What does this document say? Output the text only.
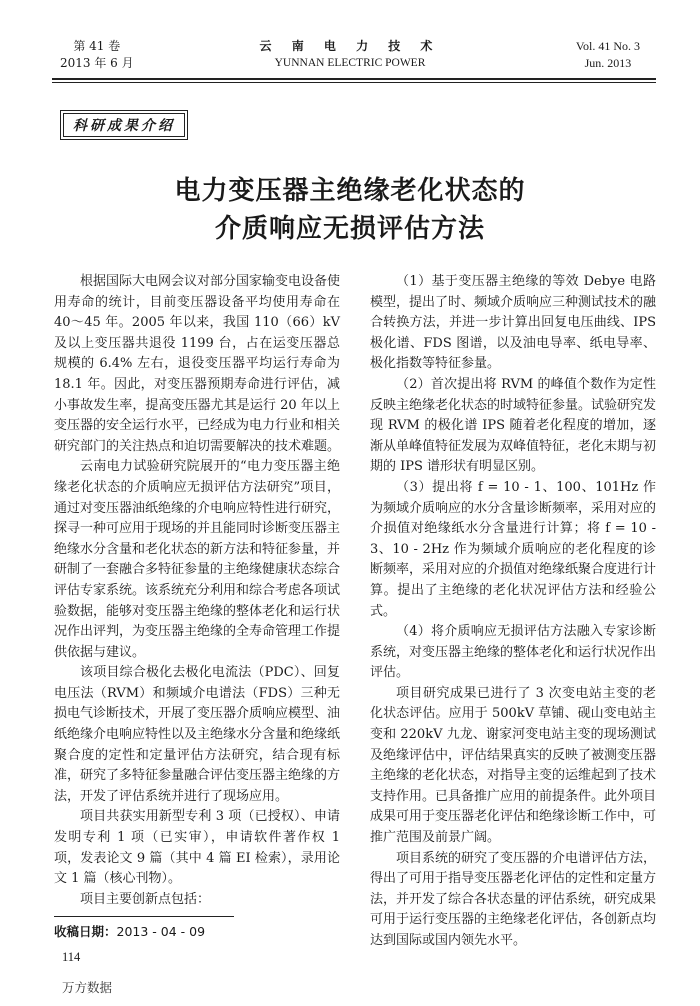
第 41 卷
2013 年 6 月
云 南 电 力 技 术
YUNNAN ELECTRIC POWER
Vol. 41 No. 3
Jun. 2013
科研成果介绍
电力变压器主绝缘老化状态的
介质响应无损评估方法

根据国际大电网会议对部分国家输变电设备使用寿命的统计，目前变压器设备平均使用寿命在 40～45 年。2005 年以来，我国 110（66）kV 及以上变压器共退役 1199 台，占在运变压器总规模的 6.4% 左右，退役变压器平均运行寿命为 18.1 年。因此，对变压器预期寿命进行评估，减小事故发生率，提高变压器尤其是运行 20 年以上变压器的安全运行水平，已经成为电力行业和相关研究部门的关注热点和迫切需要解决的技术难题。

云南电力试验研究院展开的“电力变压器主绝缘老化状态的介质响应无损评估方法研究”项目，通过对变压器油纸绝缘的介电响应特性进行研究，探寻一种可应用于现场的并且能同时诊断变压器主绝缘水分含量和老化状态的新方法和特征参量，并研制了一套融合多特征参量的主绝缘健康状态综合评估专家系统。该系统充分利用和综合考虑各项试验数据，能够对变压器主绝缘的整体老化和运行状况作出评判，为变压器主绝缘的全寿命管理工作提供依据与建议。

该项目综合极化去极化电流法（PDC）、回复电压法（RVM）和频域介电谱法（FDS）三种无损电气诊断技术，开展了变压器介质响应模型、油纸绝缘介电响应特性以及主绝缘水分含量和绝缘纸聚合度的定性和定量评估方法研究，结合现有标准，研究了多特征参量融合评估变压器主绝缘的方法，开发了评估系统并进行了现场应用。

项目共获实用新型专利 3 项（已授权）、申请发明专利 1 项（已实审），申请软件著作权 1 项，发表论文 9 篇（其中 4 篇 EI 检索），录用论文 1 篇（核心刊物）。

项目主要创新点包括：

（1）基于变压器主绝缘的等效 Debye 电路模型，提出了时、频域介质响应三种测试技术的融合转换方法，并进一步计算出回复电压曲线、IPS 极化谱、FDS 图谱，以及油电导率、纸电导率、极化指数等特征参量。

（2）首次提出将 RVM 的峰值个数作为定性反映主绝缘老化状态的时域特征参量。试验研究发现 RVM 的极化谱 IPS 随着老化程度的增加，逐渐从单峰值特征发展为双峰值特征，老化末期与初期的 IPS 谱形状有明显区别。

（3）提出将 f = 10 - 1、100、101Hz 作为频域介质响应的水分含量诊断频率，采用对应的介损值对绝缘纸水分含量进行计算；将 f = 10 - 3、10 - 2Hz 作为频域介质响应的老化程度的诊断频率，采用对应的介损值对绝缘纸聚合度进行计算。提出了主绝缘的老化状况评估方法和经验公式。

（4）将介质响应无损评估方法融入专家诊断系统，对变压器主绝缘的整体老化和运行状况作出评估。

项目研究成果已进行了 3 次变电站主变的老化状态评估。应用于 500kV 草铺、砚山变电站主变和 220kV 九龙、谢家河变电站主变的现场测试及绝缘评估中，评估结果真实的反映了被测变压器主绝缘的老化状态，对指导主变的运维起到了技术支持作用。已具备推广应用的前提条件。此外项目成果可用于变压器老化评估和绝缘诊断工作中，可推广范围及前景广阔。

项目系统的研究了变压器的介电谱评估方法，得出了可用于指导变压器老化评估的定性和定量方法，并开发了综合各状态量的评估系统，研究成果可用于运行变压器的主绝缘老化评估，各创新点均达到国际或国内领先水平。

收稿日期：2013 - 04 - 09
114
万方数据
